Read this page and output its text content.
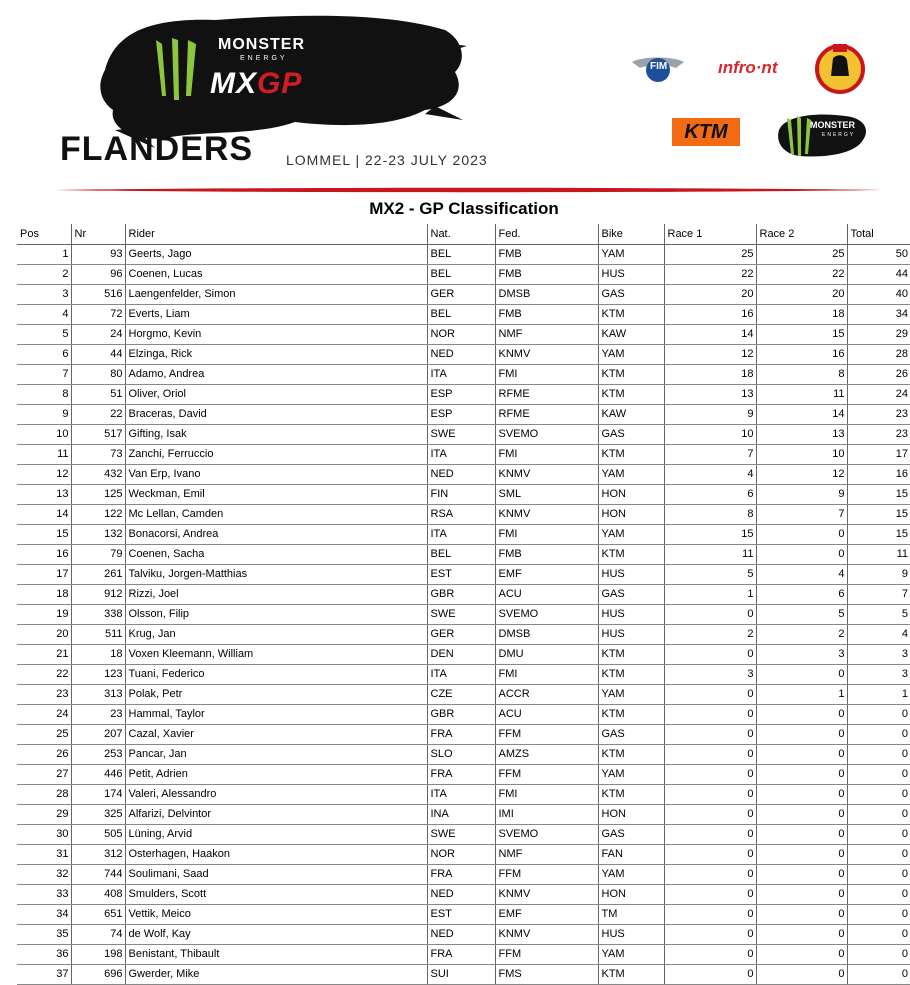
MONSTER
ENERGY
MXGP
FLANDERS LOMMEL | 22-23 JULY 2023
FIM	ınfrο·nt
KTM	MONSTER
ENERGY
MX2 - GP Classification
Pos	Nr	Rider	Nat.	Fed.	Bike	Race 1	Race 2	Total
1	93	Geerts, Jago	BEL	FMB	YAM	25	25	50
2	96	Coenen, Lucas	BEL	FMB	HUS	22	22	44
3	516	Laengenfelder, Simon	GER	DMSB	GAS	20	20	40
4	72	Everts, Liam	BEL	FMB	KTM	16	18	34
5	24	Horgmo, Kevin	NOR	NMF	KAW	14	15	29
6	44	Elzinga, Rick	NED	KNMV	YAM	12	16	28
7	80	Adamo, Andrea	ITA	FMI	KTM	18	8	26
8	51	Oliver, Oriol	ESP	RFME	KTM	13	11	24
9	22	Braceras, David	ESP	RFME	KAW	9	14	23
10	517	Gifting, Isak	SWE	SVEMO	GAS	10	13	23
11	73	Zanchi, Ferruccio	ITA	FMI	KTM	7	10	17
12	432	Van Erp, Ivano	NED	KNMV	YAM	4	12	16
13	125	Weckman, Emil	FIN	SML	HON	6	9	15
14	122	Mc Lellan, Camden	RSA	KNMV	HON	8	7	15
15	132	Bonacorsi, Andrea	ITA	FMI	YAM	15	0	15
16	79	Coenen, Sacha	BEL	FMB	KTM	11	0	11
17	261	Talviku, Jorgen-Matthias	EST	EMF	HUS	5	4	9
18	912	Rizzi, Joel	GBR	ACU	GAS	1	6	7
19	338	Olsson, Filip	SWE	SVEMO	HUS	0	5	5
20	511	Krug, Jan	GER	DMSB	HUS	2	2	4
21	18	Voxen Kleemann, William	DEN	DMU	KTM	0	3	3
22	123	Tuani, Federico	ITA	FMI	KTM	3	0	3
23	313	Polak, Petr	CZE	ACCR	YAM	0	1	1
24	23	Hammal, Taylor	GBR	ACU	KTM	0	0	0
25	207	Cazal, Xavier	FRA	FFM	GAS	0	0	0
26	253	Pancar, Jan	SLO	AMZS	KTM	0	0	0
27	446	Petit, Adrien	FRA	FFM	YAM	0	0	0
28	174	Valeri, Alessandro	ITA	FMI	KTM	0	0	0
29	325	Alfarizi, Delvintor	INA	IMI	HON	0	0	0
30	505	Lüning, Arvid	SWE	SVEMO	GAS	0	0	0
31	312	Osterhagen, Haakon	NOR	NMF	FAN	0	0	0
32	744	Soulimani, Saad	FRA	FFM	YAM	0	0	0
33	408	Smulders, Scott	NED	KNMV	HON	0	0	0
34	651	Vettik, Meico	EST	EMF	TM	0	0	0
35	74	de Wolf, Kay	NED	KNMV	HUS	0	0	0
36	198	Benistant, Thibault	FRA	FFM	YAM	0	0	0
37	696	Gwerder, Mike	SUI	FMS	KTM	0	0	0
